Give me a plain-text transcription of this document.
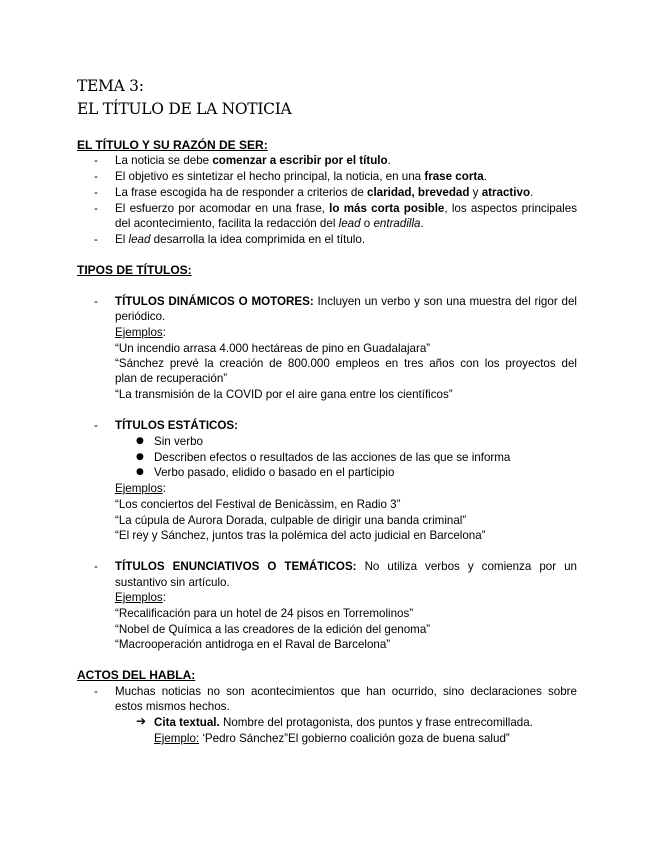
TEMA 3:
EL TÍTULO DE LA NOTICIA
EL TÍTULO Y SU RAZÓN DE SER:
- La noticia se debe comenzar a escribir por el título.
- El objetivo es sintetizar el hecho principal, la noticia, en una frase corta.
- La frase escogida ha de responder a criterios de claridad, brevedad y atractivo.
- El esfuerzo por acomodar en una frase, lo más corta posible, los aspectos principales
del acontecimiento, facilita la redacción del lead o entradilla.
- El lead desarrolla la idea comprimida en el título.
TIPOS DE TÍTULOS:
- TÍTULOS DINÁMICOS O MOTORES: Incluyen un verbo y son una muestra del rigor del
periódico.
Ejemplos:
“Un incendio arrasa 4.000 hectáreas de pino en Guadalajara”
“Sánchez prevé la creación de 800.000 empleos en tres años con los proyectos del
plan de recuperación”
“La transmisión de la COVID por el aire gana entre los científicos”
- TÍTULOS ESTÁTICOS:
● Sin verbo
● Describen efectos o resultados de las acciones de las que se informa
● Verbo pasado, elidido o basado en el participio
Ejemplos:
“Los conciertos del Festival de Benicàssim, en Radio 3”
“La cúpula de Aurora Dorada, culpable de dirigir una banda criminal”
“El rey y Sánchez, juntos tras la polémica del acto judicial en Barcelona”
- TÍTULOS ENUNCIATIVOS O TEMÁTICOS: No utiliza verbos y comienza por un
sustantivo sin artículo.
Ejemplos:
“Recalificación para un hotel de 24 pisos en Torremolinos”
“Nobel de Química a las creadores de la edición del genoma”
“Macrooperación antidroga en el Raval de Barcelona”
ACTOS DEL HABLA:
- Muchas noticias no son acontecimientos que han ocurrido, sino declaraciones sobre
estos mismos hechos.
➔ Cita textual. Nombre del protagonista, dos puntos y frase entrecomillada.
Ejemplo: ‘Pedro Sánchez”El gobierno coalición goza de buena salud”
